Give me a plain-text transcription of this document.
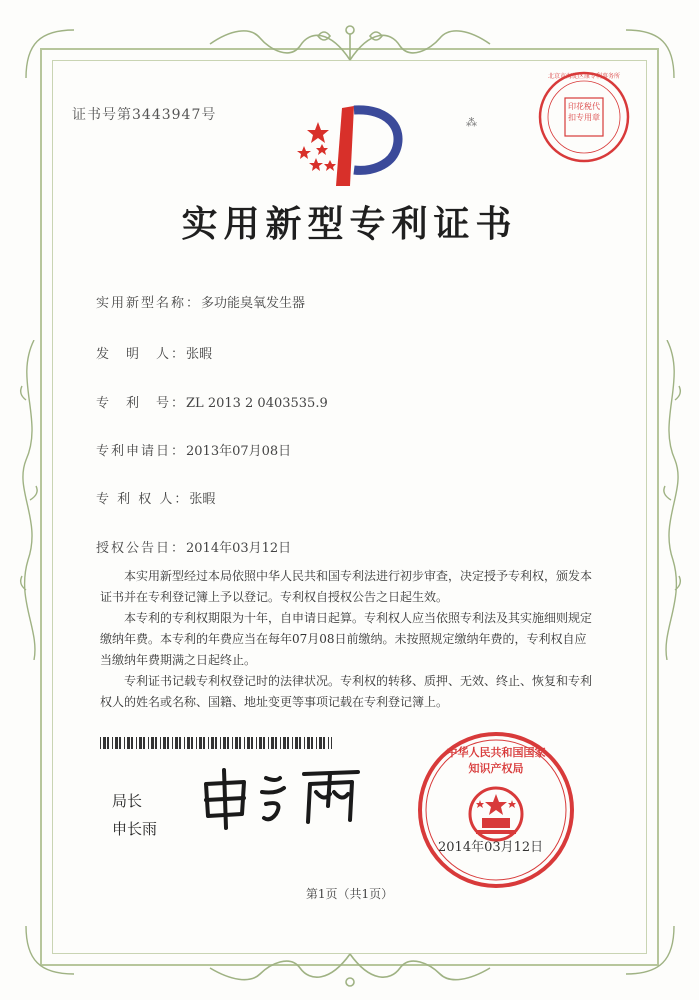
证书号第3443947号	⁂
北京市海淀区康专利事务所
印花税代扣专用章
实用新型专利证书
实用新型名称：多功能臭氧发生器
发　明　人：张暇
专　利　号：ZL 2013 2 0403535.9
专利申请日：2013年07月08日
专 利 权 人：张暇
授权公告日：2014年03月12日

本实用新型经过本局依照中华人民共和国专利法进行初步审查，决定授予专利权，颁发本证书并在专利登记簿上予以登记。专利权自授权公告之日起生效。

本专利的专利权期限为十年，自申请日起算。专利权人应当依照专利法及其实施细则规定缴纳年费。本专利的年费应当在每年07月08日前缴纳。未按照规定缴纳年费的，专利权自应当缴纳年费期满之日起终止。

专利证书记载专利权登记时的法律状况。专利权的转移、质押、无效、终止、恢复和专利权人的姓名或名称、国籍、地址变更等事项记载在专利登记簿上。

局长
申长雨
中华人民共和国国家知识产权局
2014年03月12日
第1页（共1页）
